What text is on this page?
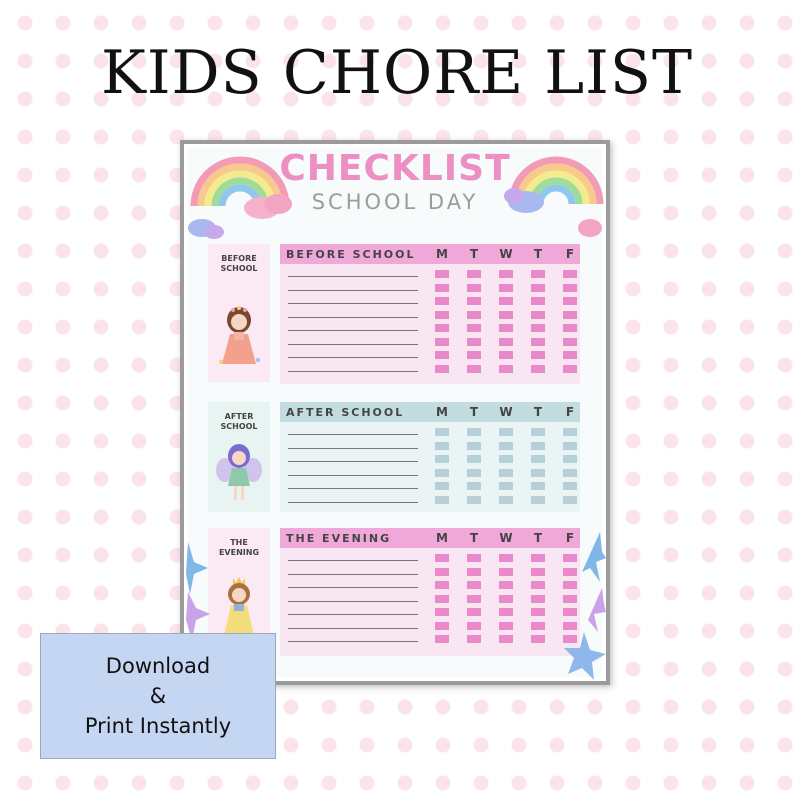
KIDS CHORE LIST
CHECKLIST
SCHOOL DAY
BEFORE
SCHOOL
BEFORE SCHOOL	M	T	W	T	F
AFTER
SCHOOL
AFTER SCHOOL	M	T	W	T	F
THE
EVENING
THE EVENING	M	T	W	T	F
Download
&
Print Instantly
